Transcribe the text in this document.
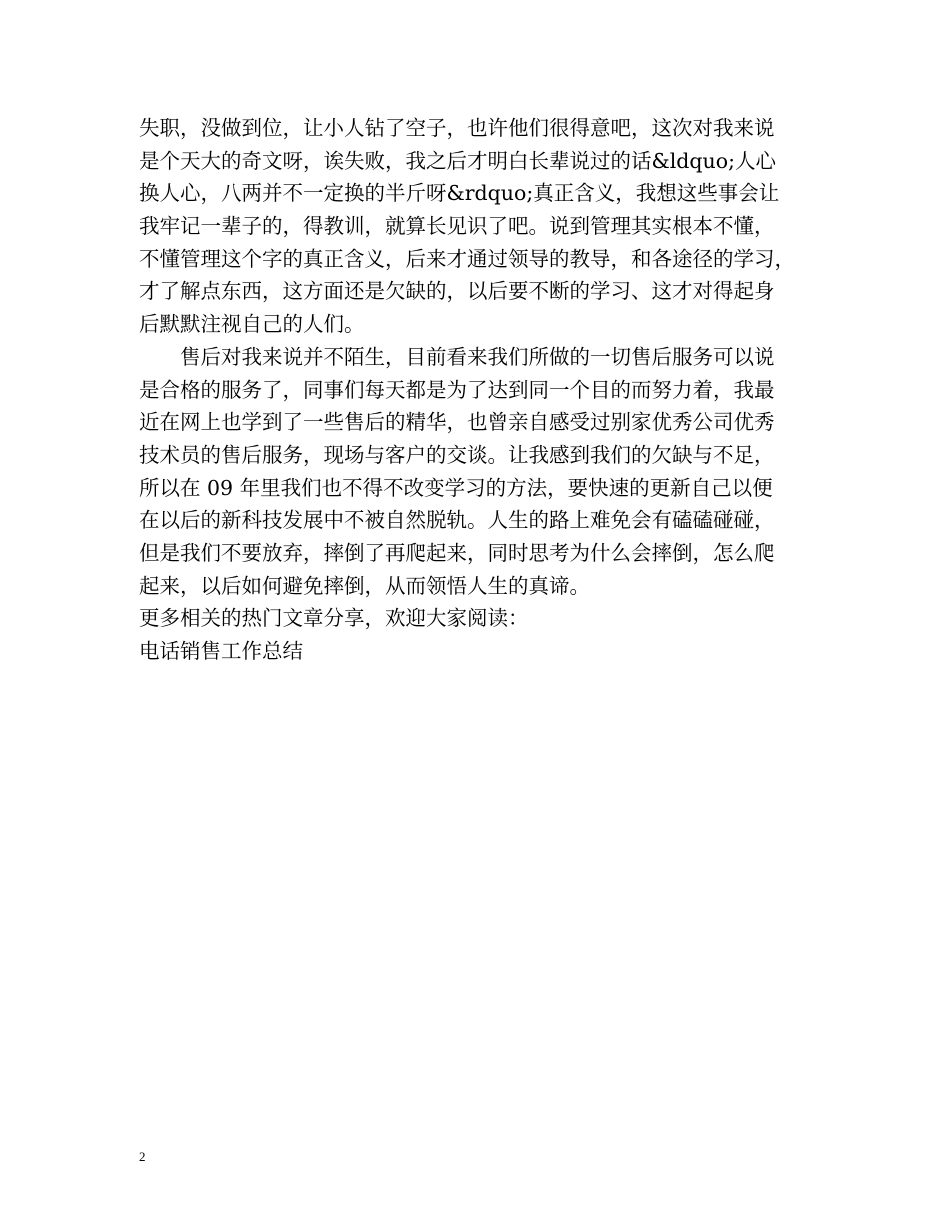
失职，没做到位，让小人钻了空子，也许他们很得意吧，这次对我来说
是个天大的奇文呀，诶失败，我之后才明白长辈说过的话&ldquo;人心
换人心，八两并不一定换的半斤呀&rdquo;真正含义，我想这些事会让
我牢记一辈子的，得教训，就算长见识了吧。说到管理其实根本不懂，
不懂管理这个字的真正含义，后来才通过领导的教导，和各途径的学习，
才了解点东西，这方面还是欠缺的，以后要不断的学习、这才对得起身
后默默注视自己的人们。
　　售后对我来说并不陌生，目前看来我们所做的一切售后服务可以说
是合格的服务了，同事们每天都是为了达到同一个目的而努力着，我最
近在网上也学到了一些售后的精华，也曾亲自感受过别家优秀公司优秀
技术员的售后服务，现场与客户的交谈。让我感到我们的欠缺与不足，
所以在 09 年里我们也不得不改变学习的方法，要快速的更新自己以便
在以后的新科技发展中不被自然脱轨。人生的路上难免会有磕磕碰碰，
但是我们不要放弃，摔倒了再爬起来，同时思考为什么会摔倒，怎么爬
起来，以后如何避免摔倒，从而领悟人生的真谛。
更多相关的热门文章分享，欢迎大家阅读：
电话销售工作总结
2
